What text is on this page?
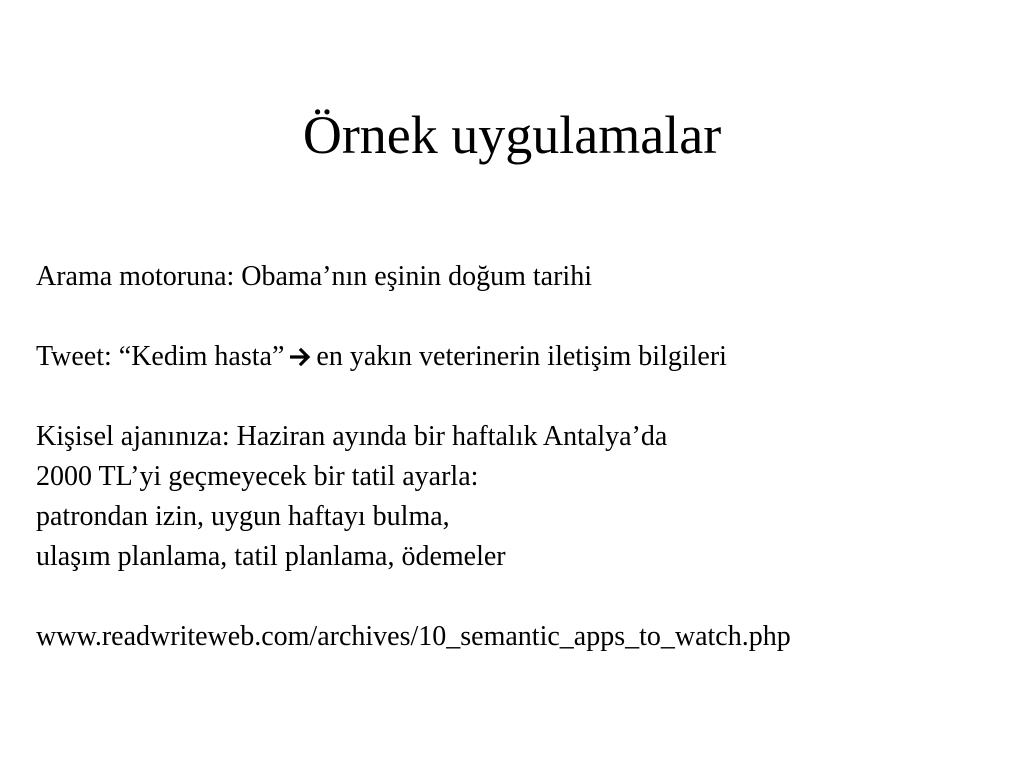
Örnek uygulamalar
Arama motoruna: Obama’nın eşinin doğum tarihi
Tweet: “Kedim hasta” en yakın veterinerin iletişim bilgileri
Kişisel ajanınıza: Haziran ayında bir haftalık Antalya’da
2000 TL’yi geçmeyecek bir tatil ayarla:
patrondan izin, uygun haftayı bulma,
ulaşım planlama, tatil planlama, ödemeler
www.readwriteweb.com/archives/10_semantic_apps_to_watch.php
